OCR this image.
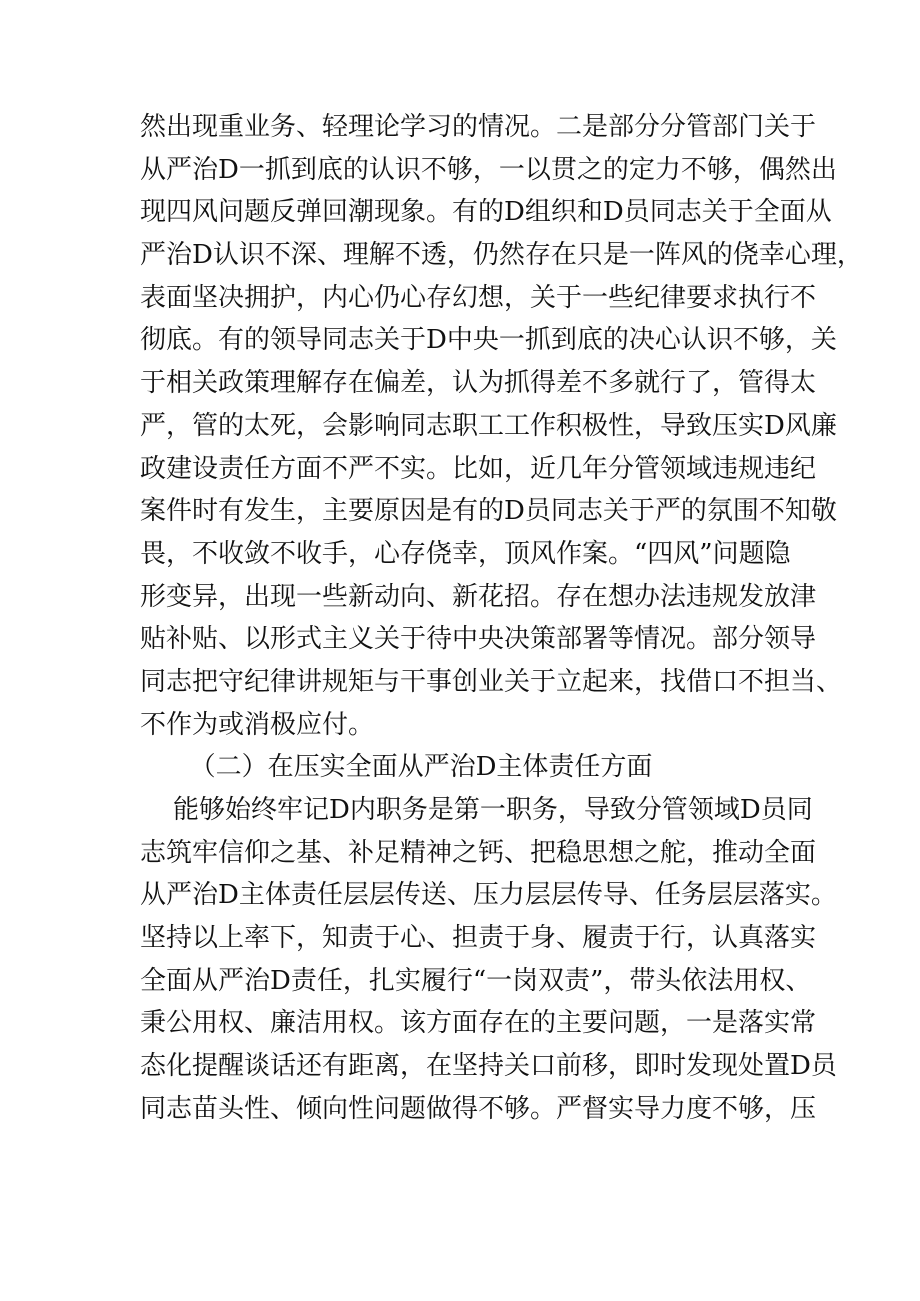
然出现重业务、轻理论学习的情况。二是部分分管部门关于
从严治D一抓到底的认识不够，一以贯之的定力不够，偶然出
现四风问题反弹回潮现象。有的D组织和D员同志关于全面从
严治D认识不深、理解不透，仍然存在只是一阵风的侥幸心理，
表面坚决拥护，内心仍心存幻想，关于一些纪律要求执行不
彻底。有的领导同志关于D中央一抓到底的决心认识不够，关
于相关政策理解存在偏差，认为抓得差不多就行了，管得太
严，管的太死，会影响同志职工工作积极性，导致压实D风廉
政建设责任方面不严不实。比如，近几年分管领域违规违纪
案件时有发生，主要原因是有的D员同志关于严的氛围不知敬
畏，不收敛不收手，心存侥幸，顶风作案。“四风”问题隐
形变异，出现一些新动向、新花招。存在想办法违规发放津
贴补贴、以形式主义关于待中央决策部署等情况。部分领导
同志把守纪律讲规矩与干事创业关于立起来，找借口不担当、
不作为或消极应付。
（二）在压实全面从严治D主体责任方面
能够始终牢记D内职务是第一职务，导致分管领域D员同
志筑牢信仰之基、补足精神之钙、把稳思想之舵，推动全面
从严治D主体责任层层传送、压力层层传导、任务层层落实。
坚持以上率下，知责于心、担责于身、履责于行，认真落实
全面从严治D责任，扎实履行“一岗双责”，带头依法用权、
秉公用权、廉洁用权。该方面存在的主要问题，一是落实常
态化提醒谈话还有距离，在坚持关口前移，即时发现处置D员
同志苗头性、倾向性问题做得不够。严督实导力度不够，压
